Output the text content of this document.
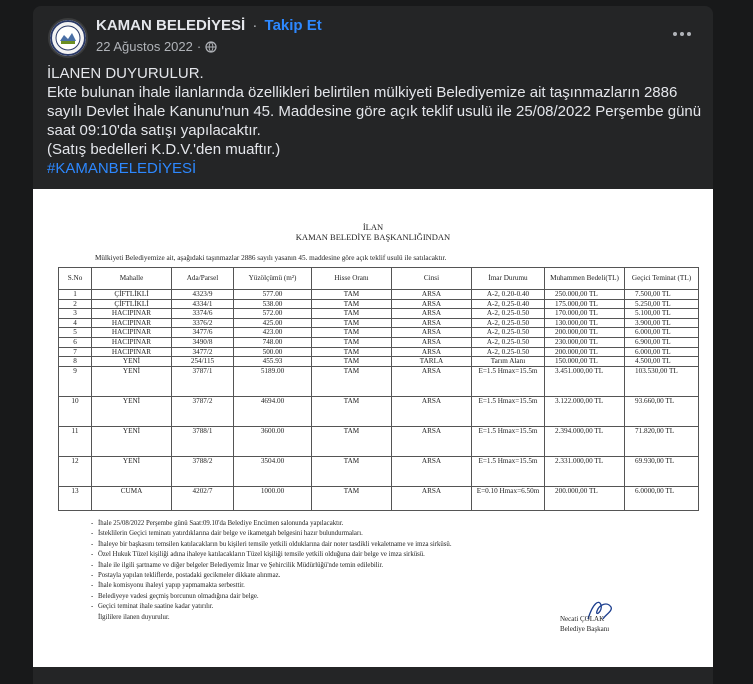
KAMAN BELEDİYESİ · Takip Et
22 Ağustos 2022 ·

İLANEN DUYURULUR.

Ekte bulunan ihale ilanlarında özellikleri belirtilen mülkiyeti Belediyemize ait taşınmazların 2886 sayılı Devlet İhale Kanunu'nun 45. Maddesine göre açık teklif usulü ile 25/08/2022 Perşembe günü saat 09:10'da satışı yapılacaktır.

(Satış bedelleri K.D.V.'den muaftır.)

#KAMANBELEDİYESİ

İLAN
KAMAN BELEDİYE BAŞKANLIĞINDAN
Mülkiyeti Belediyemize ait, aşağıdaki taşınmazlar 2886 sayılı yasanın 45. maddesine göre açık teklif usulü ile satılacaktır.
S.No	Mahalle	Ada/Parsel	Yüzölçümü (m²)	Hisse Oranı	Cinsi	İmar Durumu	Muhammen Bedeli(TL)	Geçici Teminat (TL)
1	ÇİFTLİKLİ	4323/9	577.00	TAM	ARSA	A-2, 0.20-0.40	250.000,00 TL	7.500,00 TL
2	ÇİFTLİKLİ	4334/1	538.00	TAM	ARSA	A-2, 0.25-0.40	175.000,00 TL	5.250,00 TL
3	HACIPINAR	3374/6	572.00	TAM	ARSA	A-2, 0.25-0.50	170.000,00 TL	5.100,00 TL
4	HACIPINAR	3376/2	425.00	TAM	ARSA	A-2, 0.25-0.50	130.000,00 TL	3.900,00 TL
5	HACIPINAR	3477/6	423.00	TAM	ARSA	A-2, 0.25-0.50	200.000,00 TL	6.000,00 TL
6	HACIPINAR	3490/8	748.00	TAM	ARSA	A-2, 0.25-0.50	230.000,00 TL	6.900,00 TL
7	HACIPINAR	3477/2	500.00	TAM	ARSA	A-2, 0.25-0.50	200.000,00 TL	6.000,00 TL
8	YENİ	254/115	455.93	TAM	TARLA	Tarım Alanı	150.000,00 TL	4.500,00 TL
9	YENİ	3787/1	5189.00	TAM	ARSA	E=1.5 Hmax=15.5m	3.451.000,00 TL	103.530,00 TL
10	YENİ	3787/2	4694.00	TAM	ARSA	E=1.5 Hmax=15.5m	3.122.000,00 TL	93.660,00 TL
11	YENİ	3788/1	3600.00	TAM	ARSA	E=1.5 Hmax=15.5m	2.394.000,00 TL	71.820,00 TL
12	YENİ	3788/2	3504.00	TAM	ARSA	E=1.5 Hmax=15.5m	2.331.000,00 TL	69.930,00 TL
13	CUMA	4202/7	1000.00	TAM	ARSA	E=0.10 Hmax=6.50m	200.000,00 TL	6.0000,00 TL
- İhale 25/08/2022 Perşembe günü Saat:09.10'da Belediye Encümen salonunda yapılacaktır.
- İsteklilerin Geçici teminatı yatırdıklarına dair belge ve ikametgah belgesini hazır bulundurmaları.
- İhaleye bir başkasını temsilen katılacakların bu kişileri temsile yetkili olduklarına dair noter tasdikli vekaletname ve imza sirküsü.
- Özel Hukuk Tüzel kişiliği adına ihaleye katılacakların Tüzel kişiliği temsile yetkili olduğuna dair belge ve imza sirküsü.
- İhale ile ilgili şartname ve diğer belgeler Belediyemiz İmar ve Şehircilik Müdürlüğü'nde temin edilebilir.
- Postayla yapılan tekliflerde, postadaki gecikmeler dikkate alınmaz.
- İhale komisyonu ihaleyi yapıp yapmamakta serbesttir.
- Belediyeye vadesi geçmiş borcunun olmadığına dair belge.
- Geçici teminat ihale saatine kadar yatırılır.
İlgililere ilanen duyurulur.	Necati ÇOLAK
Belediye Başkanı
